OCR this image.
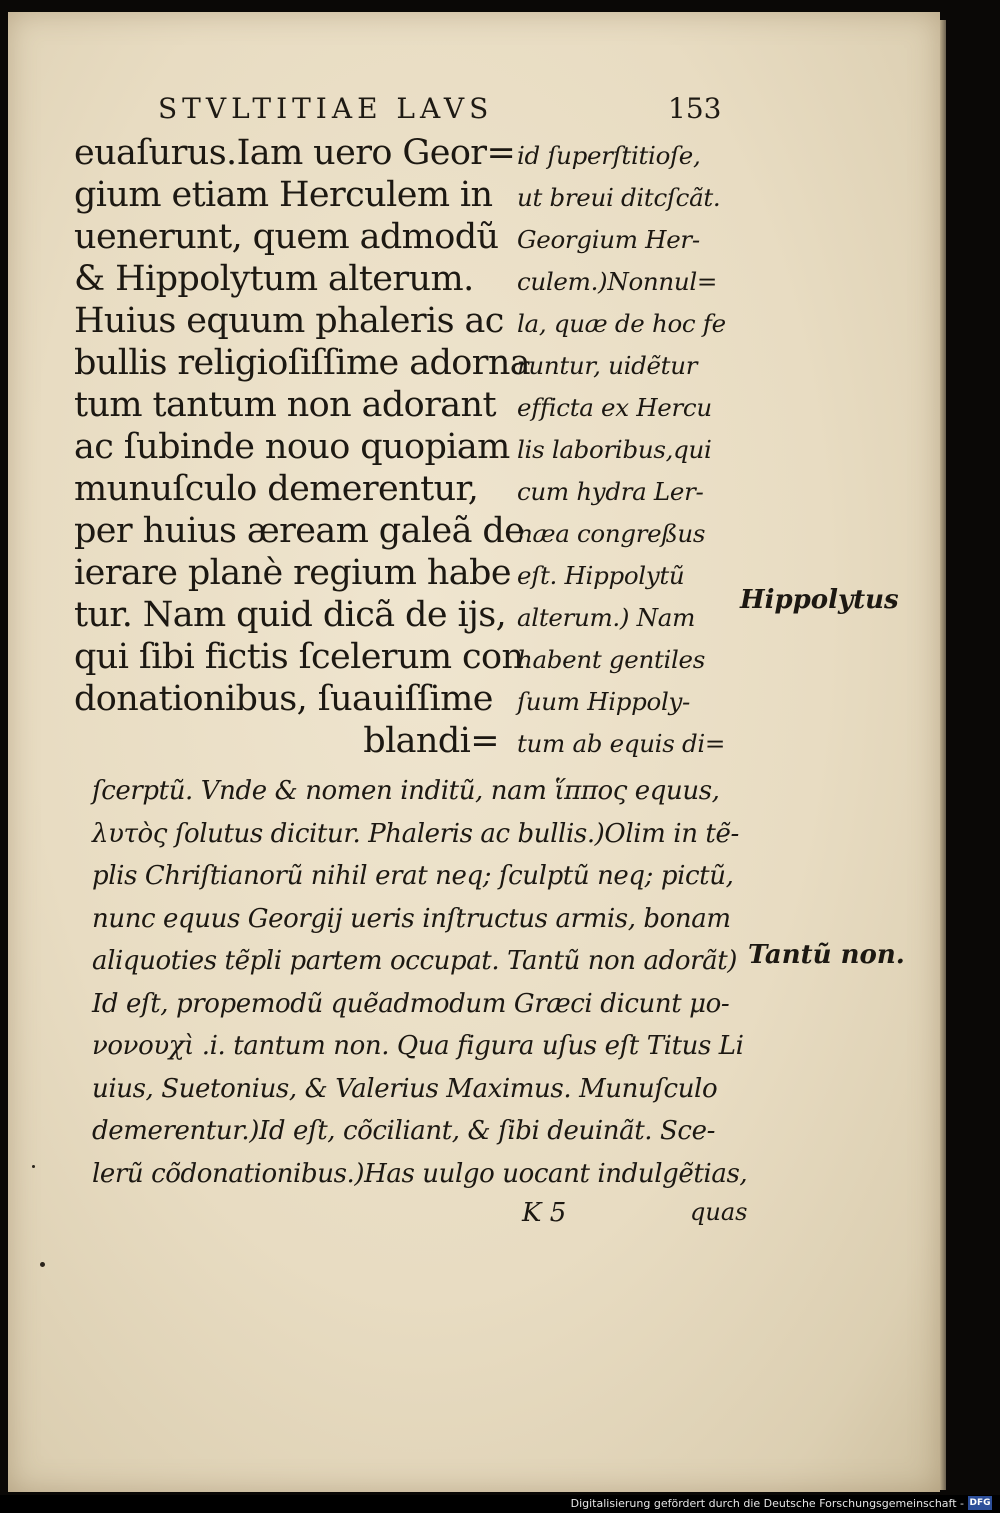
STVLTITIAE LAVS	153
euaſurus.Iam uero Geor=
gium etiam Herculem in
uenerunt, quem admodũ
& Hippolytum alterum.
Huius equum phaleris ac
bullis religioſiſſime adorna
tum tantum non adorant
ac ſubinde nouo quopiam
munuſculo demerentur,
per huius æream galeã de
ierare planè regium habe
tur. Nam quid dicã de ijs,
qui ſibi fictis ſcelerum con
donationibus, ſuauiſſime
blandi=
id ſuperſtitioſe,
ut breui ditcſcãt.
Georgium Her-
culem.)Nonnul=
la, quæ de hoc fe
runtur, uidẽtur
efficta ex Hercu
lis laboribus,qui
cum hydra Ler-
næa congreßus
eſt. Hippolytũ
alterum.) Nam
habent gentiles
ſuum Hippoly-
tum ab equis di=
ſcerptũ. Vnde & nomen inditũ, nam ἵππος equus,
λυτὸς ſolutus dicitur. Phaleris ac bullis.)Olim in tẽ-
plis Chriſtianorũ nihil erat neq; ſculptũ neq; pictũ,
nunc equus Georgij ueris inſtructus armis, bonam
aliquoties tẽpli partem occupat. Tantũ non adorãt)
Id eſt, propemodũ quẽadmodum Græci dicunt μο-
νονουχὶ .i. tantum non. Qua figura uſus eſt Titus Li
uius, Suetonius, & Valerius Maximus. Munuſculo
demerentur.)Id eſt, cõciliant, & ſibi deuinãt. Sce-
lerũ cõdonationibus.)Has uulgo uocant indulgẽtias,
Hippolytus
Tantũ non.
K 5	quas
Digitalisierung gefördert durch die Deutsche Forschungsgemeinschaft - DFG
